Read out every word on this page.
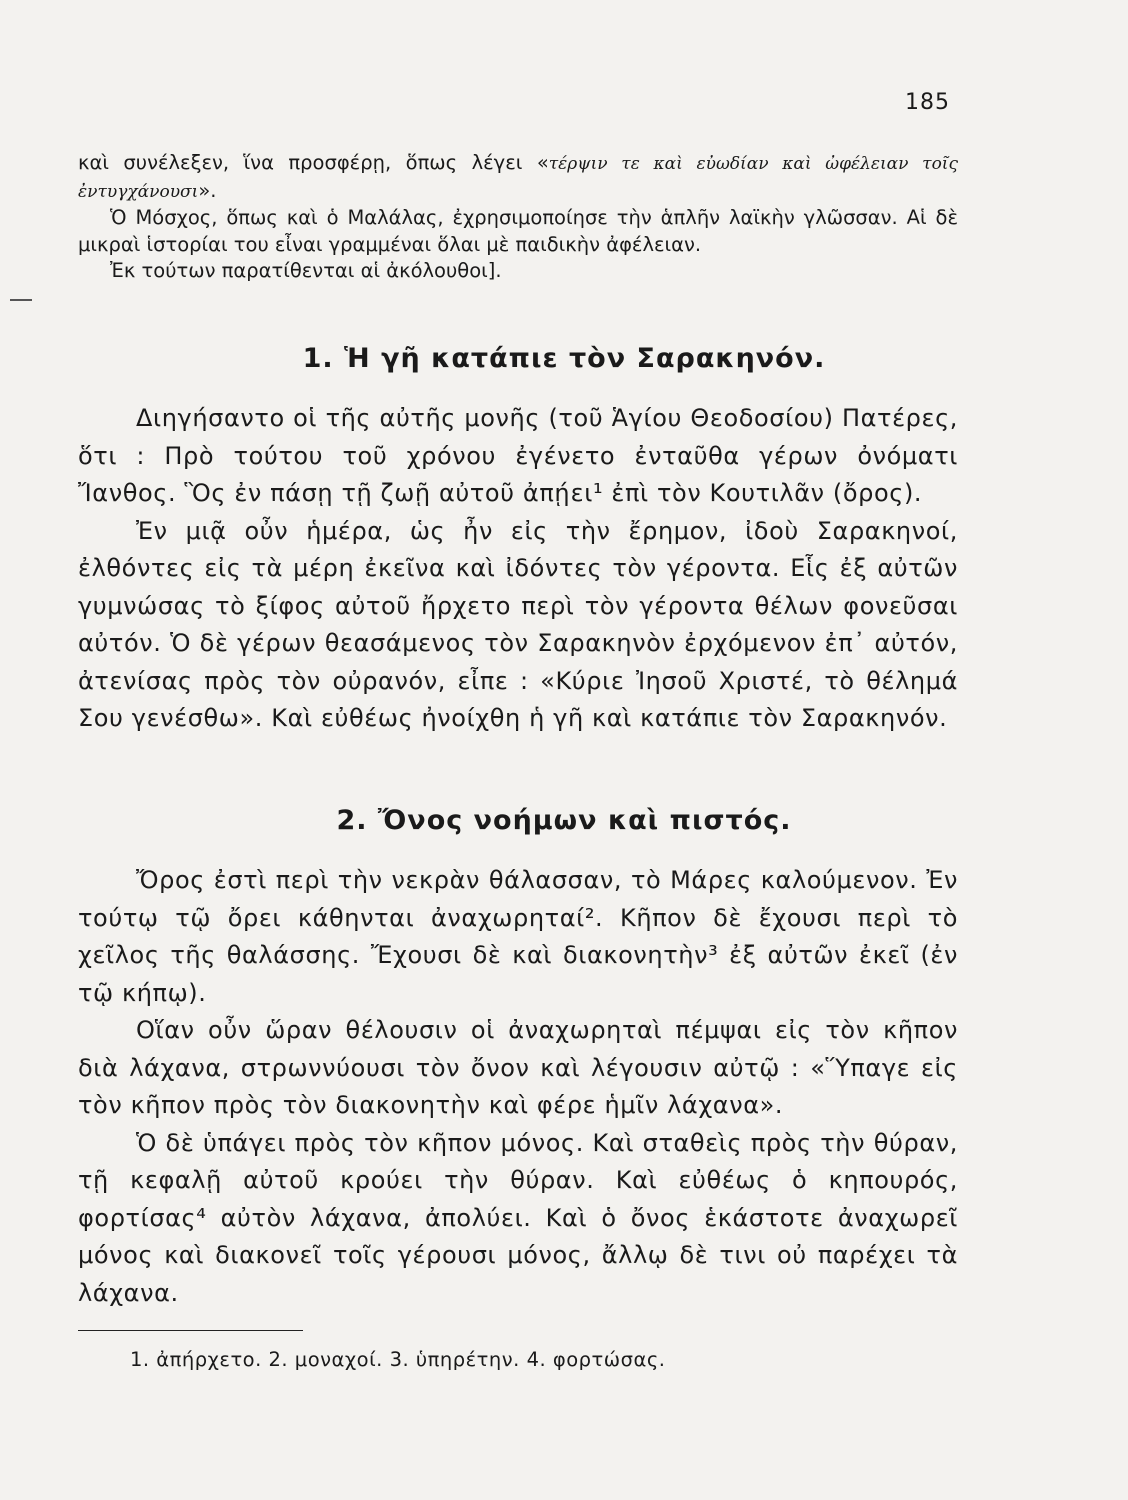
185

καὶ συνέλεξεν, ἵνα προσφέρῃ, ὅπως λέγει «τέρψιν τε καὶ εὐωδίαν καὶ ὠφέλειαν τοῖς ἐντυγχάνουσι».

Ὁ Μόσχος, ὅπως καὶ ὁ Μαλάλας, ἐχρησιμοποίησε τὴν ἁπλῆν λαϊκὴν γλῶσσαν. Αἱ δὲ μικραὶ ἱστορίαι του εἶναι γραμμέναι ὅλαι μὲ παιδικὴν ἀφέλειαν.

Ἐκ τούτων παρατίθενται αἱ ἀκόλουθοι].

1. Ἡ γῆ κατάπιε τὸν Σαρακηνόν.

Διηγήσαντο οἱ τῆς αὐτῆς μονῆς (τοῦ Ἁγίου Θεοδοσίου) Πατέρες, ὅτι : Πρὸ τούτου τοῦ χρόνου ἐγένετο ἐνταῦθα γέρων ὀνόματι Ἴανθος. Ὃς ἐν πάσῃ τῇ ζωῇ αὐτοῦ ἀπῄει¹ ἐπὶ τὸν Κουτιλᾶν (ὄρος).

Ἐν μιᾷ οὖν ἡμέρα, ὡς ἦν εἰς τὴν ἔρημον, ἰδοὺ Σαρακηνοί, ἐλθόντες εἰς τὰ μέρη ἐκεῖνα καὶ ἰδόντες τὸν γέροντα. Εἷς ἐξ αὐτῶν γυμνώσας τὸ ξίφος αὐτοῦ ἤρχετο περὶ τὸν γέροντα θέλων φονεῦσαι αὐτόν. Ὁ δὲ γέρων θεασάμενος τὸν Σαρακηνὸν ἐρχόμενον ἐπ᾿ αὐτόν, ἀτενίσας πρὸς τὸν οὐρανόν, εἶπε : «Κύριε Ἰησοῦ Χριστέ, τὸ θέλημά Σου γενέσθω». Καὶ εὐθέως ἠνοίχθη ἡ γῆ καὶ κατάπιε τὸν Σαρακηνόν.

2. Ὄνος νοήμων καὶ πιστός.

Ὄρος ἐστὶ περὶ τὴν νεκρὰν θάλασσαν, τὸ Μάρες καλούμενον. Ἐν τούτῳ τῷ ὄρει κάθηνται ἀναχωρηταί². Κῆπον δὲ ἔχουσι περὶ τὸ χεῖλος τῆς θαλάσσης. Ἔχουσι δὲ καὶ διακονητὴν³ ἐξ αὐτῶν ἐκεῖ (ἐν τῷ κήπῳ).

Οἵαν οὖν ὥραν θέλουσιν οἱ ἀναχωρηταὶ πέμψαι εἰς τὸν κῆπον διὰ λάχανα, στρωννύουσι τὸν ὄνον καὶ λέγουσιν αὐτῷ : «Ὕπαγε εἰς τὸν κῆπον πρὸς τὸν διακονητὴν καὶ φέρε ἡμῖν λάχανα».

Ὁ δὲ ὑπάγει πρὸς τὸν κῆπον μόνος. Καὶ σταθεὶς πρὸς τὴν θύραν, τῇ κεφαλῇ αὐτοῦ κρούει τὴν θύραν. Καὶ εὐθέως ὁ κηπουρός, φορτίσας⁴ αὐτὸν λάχανα, ἀπολύει. Καὶ ὁ ὄνος ἑκάστοτε ἀναχωρεῖ μόνος καὶ διακονεῖ τοῖς γέρουσι μόνος, ἄλλῳ δὲ τινι οὐ παρέχει τὰ λάχανα.

1. ἀπήρχετο. 2. μοναχοί. 3. ὑπηρέτην. 4. φορτώσας.
